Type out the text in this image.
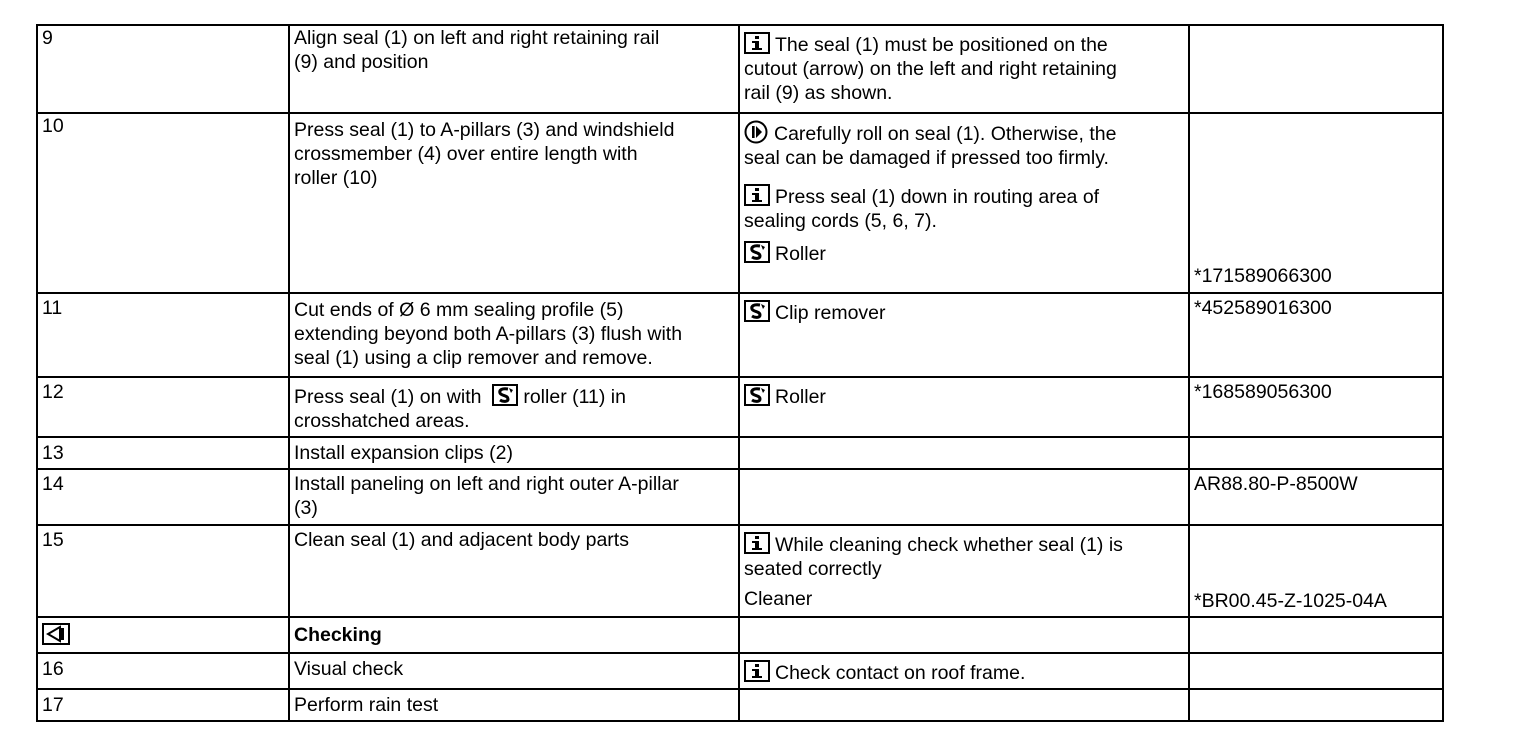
9	Align seal (1) on left and right retaining rail
(9) and position	The seal (1) must be positioned on the
cutout (arrow) on the left and right retaining
rail (9) as shown.	

10	Press seal (1) to A-pillars (3) and windshield
crossmember (4) over entire length with
roller (10)	Carefully roll on seal (1). Otherwise, the
seal can be damaged if pressed too firmly.
Press seal (1) down in routing area of
sealing cords (5, 6, 7).
Roller	*171589066300
11	Cut ends of Ø 6 mm sealing profile (5)
extending beyond both A-pillars (3) flush with
seal (1) using a clip remover and remove.	Clip remover	*452589016300
12	Press seal (1) on with roller (11) in
crosshatched areas.	Roller	*168589056300
13	Install expansion clips (2)		

14	Install paneling on left and right outer A-pillar
(3)		AR88.80-P-8500W
15	Clean seal (1) and adjacent body parts	While cleaning check whether seal (1) is
seated correctly
Cleaner	*BR00.45-Z-1025-04A

	Checking		
16	Visual check	Check contact on roof frame.	

17	Perform rain test		
